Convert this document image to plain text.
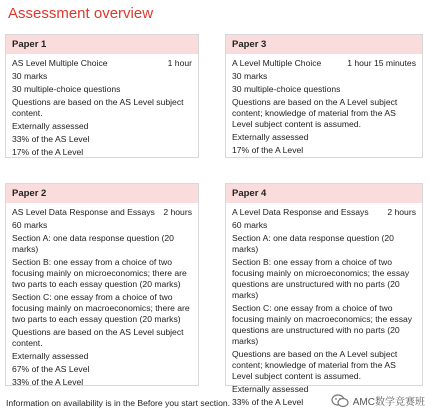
Assessment overview
Paper 1
AS Level Multiple Choice	1 hour
30 marks
30 multiple-choice questions
Questions are based on the AS Level subject content.
Externally assessed
33% of the AS Level
17% of the A Level
Paper 3
A Level Multiple Choice	1 hour 15 minutes
30 marks
30 multiple-choice questions
Questions are based on the A Level subject content; knowledge of material from the AS Level subject content is assumed.
Externally assessed
17% of the A Level
Paper 2
AS Level Data Response and Essays 2 hours
60 marks
Section A: one data response question (20 marks)
Section B: one essay from a choice of two focusing mainly on microeconomics; there are two parts to each essay question (20 marks)
Section C: one essay from a choice of two focusing mainly on macroeconomics; there are two parts to each essay question (20 marks)
Questions are based on the AS Level subject content.
Externally assessed
67% of the AS Level
33% of the A Level
Paper 4
A Level Data Response and Essays 2 hours
60 marks
Section A: one data response question (20 marks)
Section B: one essay from a choice of two focusing mainly on microeconomics; the essay questions are unstructured with no parts (20 marks)
Section C: one essay from a choice of two focusing mainly on macroeconomics; the essay questions are unstructured with no parts (20 marks)
Questions are based on the A Level subject content; knowledge of material from the AS Level subject content is assumed.
Externally assessed
33% of the A Level
Information on availability is in the Before you start section.	AMC数学竞赛班
